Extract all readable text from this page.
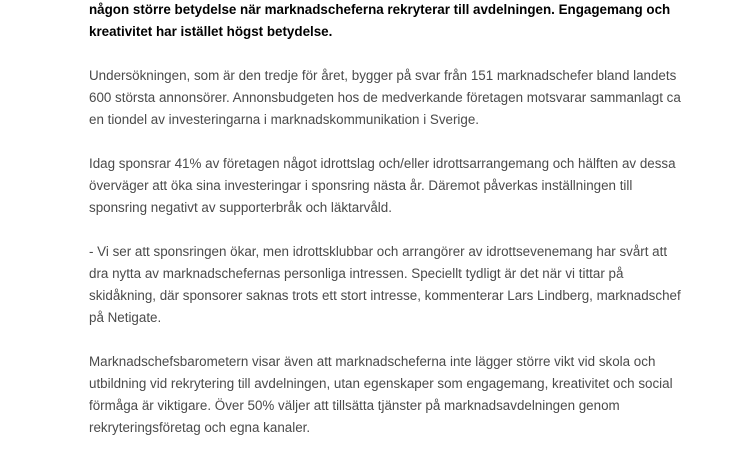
någon större betydelse när marknadscheferna rekryterar till avdelningen. Engagemang och
kreativitet har istället högst betydelse.

Undersökningen, som är den tredje för året, bygger på svar från 151 marknadschefer bland landets
600 största annonsörer. Annonsbudgeten hos de medverkande företagen motsvarar sammanlagt ca
en tiondel av investeringarna i marknadskommunikation i Sverige.

Idag sponsrar 41% av företagen något idrottslag och/eller idrottsarrangemang och hälften av dessa
överväger att öka sina investeringar i sponsring nästa år. Däremot påverkas inställningen till
sponsring negativt av supporterbråk och läktarvåld.

- Vi ser att sponsringen ökar, men idrottsklubbar och arrangörer av idrottsevenemang har svårt att
dra nytta av marknadschefernas personliga intressen. Speciellt tydligt är det när vi tittar på
skidåkning, där sponsorer saknas trots ett stort intresse, kommenterar Lars Lindberg, marknadschef
på Netigate.

Marknadschefsbarometern visar även att marknadscheferna inte lägger större vikt vid skola och
utbildning vid rekrytering till avdelningen, utan egenskaper som engagemang, kreativitet och social
förmåga är viktigare. Över 50% väljer att tillsätta tjänster på marknadsavdelningen genom
rekryteringsföretag och egna kanaler.
